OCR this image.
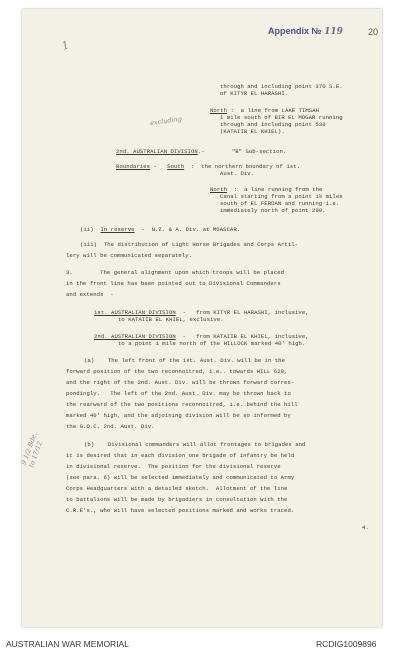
Appendix № 119	20
1
excluding
9 1/2 Bde. to 17/12
through and including point 370 S.E.
of KITYR EL HARASHI.
North :  a line from LAKE TIMSAH
1 mile south of BIR EL MOGAR running
through and including point 530
(KATAIIB EL KHIEL).
2nd. AUSTRALIAN DIVISION.-        "B" Sub-section.
Boundaries -   South  :  the northern boundary of 1st.
Aust. Div.
North  :  a line running from the
Canal starting from a point 1½ miles
south of EL FERDAN and running i.e.
immediately north of point 290.
(ii)  In reserve  -  N.Z. & A. Div. at MOASCAR.
(iii)  The distribution of Light Horse Brigades and Corps Artil-
lery will be communicated separately.
3.        The general alignment upon which troops will be placed
in the front line has been pointed out to Divisional Commanders
and extends  -
1st. AUSTRALIAN DIVISION  -   from KITYR EL HARASHI, inclusive,
to KATAIIB EL KHIEL, exclusive.
2nd. AUSTRALIAN DIVISION  -   from KATAIIB EL KHIEL, inclusive,
to a point 1 mile north of the HILLOCK marked 40' high.
(a)    The left front of the 1st. Aust. Div. will be in the
forward position of the two reconnoitred, i.e.. towards HILL 620,
and the right of the 2nd. Aust. Div. will be thrown forward corres-
pondingly.   The left of the 2nd. Aust. Div. may be thrown back to
the rearward of the two positions reconnoitred, i.e. behind the hill
marked 40' high, and the adjoining division will be so informed by
the G.O.C. 2nd. Aust. Div.
(b)    Divisional commanders will allot frontages to brigades and
it is desired that in each division one brigade of infantry be held
in divisional reserve.  The position for the divisional reserve
(see para. 6) will be selected immediately and communicated to Army
Corps Headquarters with a detailed sketch.  Allotment of the line
to battalions will be made by brigadiers in consultation with the
C.R.E's., who will have selected positions marked and works traced.
4.
AUSTRALIAN WAR MEMORIAL	RCDIG1009896
